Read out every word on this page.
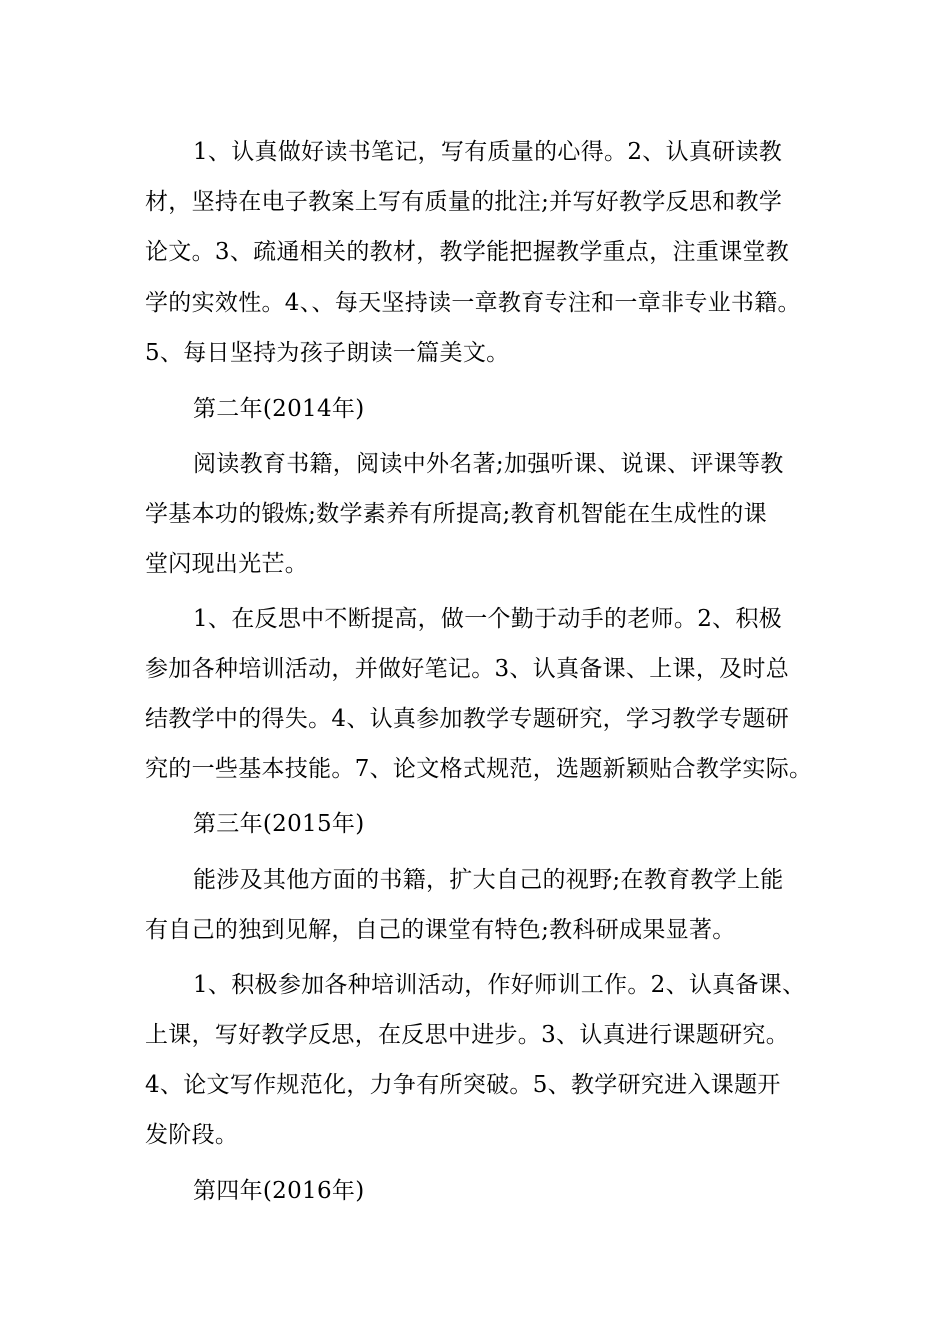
1、认真做好读书笔记，写有质量的心得。2、认真研读教
材，坚持在电子教案上写有质量的批注;并写好教学反思和教学
论文。3、疏通相关的教材，教学能把握教学重点，注重课堂教
学的实效性。4、、每天坚持读一章教育专注和一章非专业书籍。
5、每日坚持为孩子朗读一篇美文。
第二年(2014年)
阅读教育书籍，阅读中外名著;加强听课、说课、评课等教
学基本功的锻炼;数学素养有所提高;教育机智能在生成性的课
堂闪现出光芒。
1、在反思中不断提高，做一个勤于动手的老师。2、积极
参加各种培训活动，并做好笔记。3、认真备课、上课，及时总
结教学中的得失。4、认真参加教学专题研究，学习教学专题研
究的一些基本技能。7、论文格式规范，选题新颖贴合教学实际。
第三年(2015年)
能涉及其他方面的书籍，扩大自己的视野;在教育教学上能
有自己的独到见解，自己的课堂有特色;教科研成果显著。
1、积极参加各种培训活动，作好师训工作。2、认真备课、
上课，写好教学反思，在反思中进步。3、认真进行课题研究。
4、论文写作规范化，力争有所突破。5、教学研究进入课题开
发阶段。
第四年(2016年)
